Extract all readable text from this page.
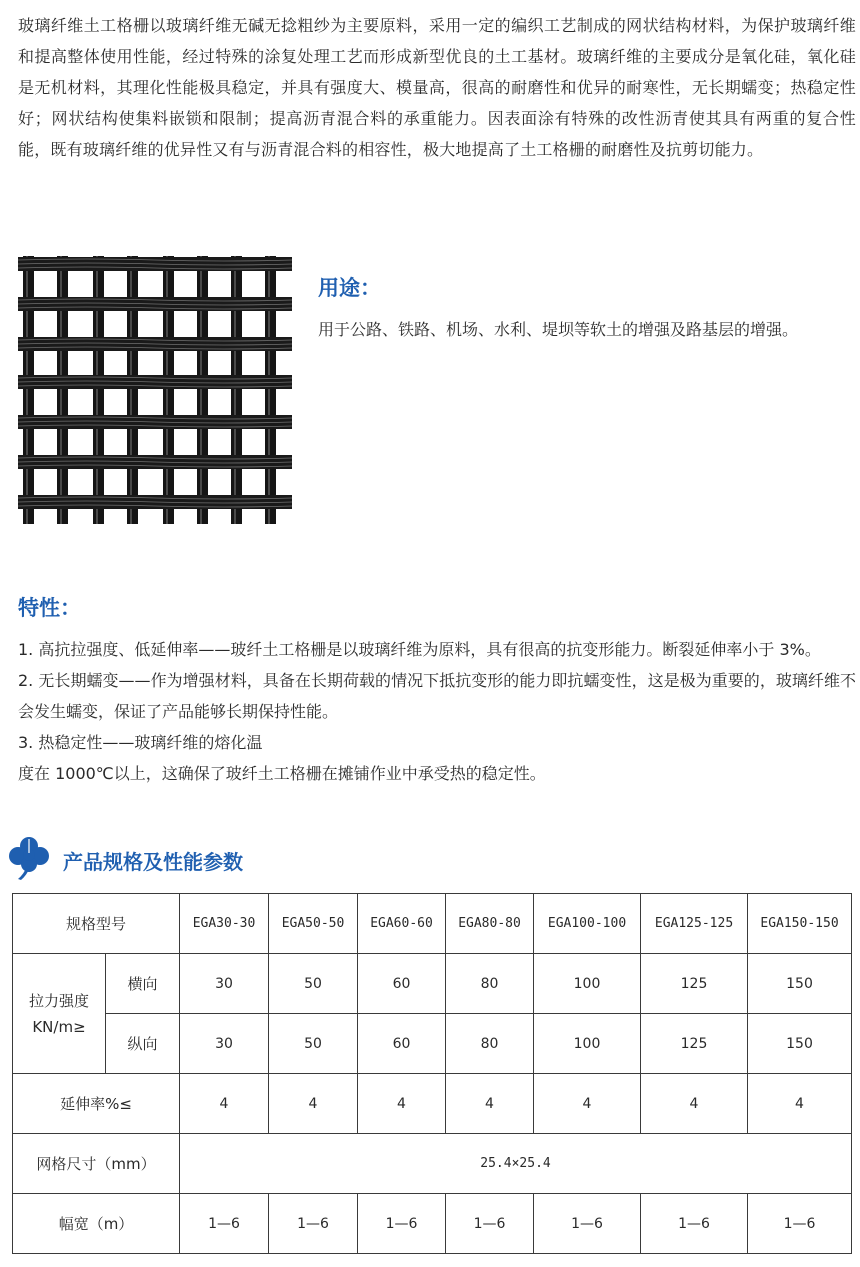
玻璃纤维土工格栅以玻璃纤维无碱无捻粗纱为主要原料，采用一定的编织工艺制成的网状结构材料，为保护玻璃纤维和提高整体使用性能，经过特殊的涂复处理工艺而形成新型优良的土工基材。玻璃纤维的主要成分是氧化硅，氧化硅是无机材料，其理化性能极具稳定，并具有强度大、模量高，很高的耐磨性和优异的耐寒性，无长期蠕变；热稳定性好；网状结构使集料嵌锁和限制；提高沥青混合料的承重能力。因表面涂有特殊的改性沥青使其具有两重的复合性能，既有玻璃纤维的优异性又有与沥青混合料的相容性，极大地提高了土工格栅的耐磨性及抗剪切能力。
用途：
用于公路、铁路、机场、水利、堤坝等软土的增强及路基层的增强。
特性：

1. 高抗拉强度、低延伸率——玻纤土工格栅是以玻璃纤维为原料，具有很高的抗变形能力。断裂延伸率小于 3%。

2. 无长期蠕变——作为增强材料，具备在长期荷载的情况下抵抗变形的能力即抗蠕变性，这是极为重要的，玻璃纤维不会发生蠕变，保证了产品能够长期保持性能。

3. 热稳定性——玻璃纤维的熔化温

度在 1000℃以上，这确保了玻纤土工格栅在摊铺作业中承受热的稳定性。

产品规格及性能参数
规格型号		EGA30-30	EGA50-50	EGA60-60	EGA80-80	EGA100-100	EGA125-125	EGA150-150

拉力强度
KN/m≥	横向	30	50	60	80	100	125	150
	纵向	30	50	60	80	100	125	150
延伸率%≤		4	4	4	4	4	4	4
网格尺寸（mm）		25.4×25.4						
幅宽（m）		1—6	1—6	1—6	1—6	1—6	1—6	1—6
